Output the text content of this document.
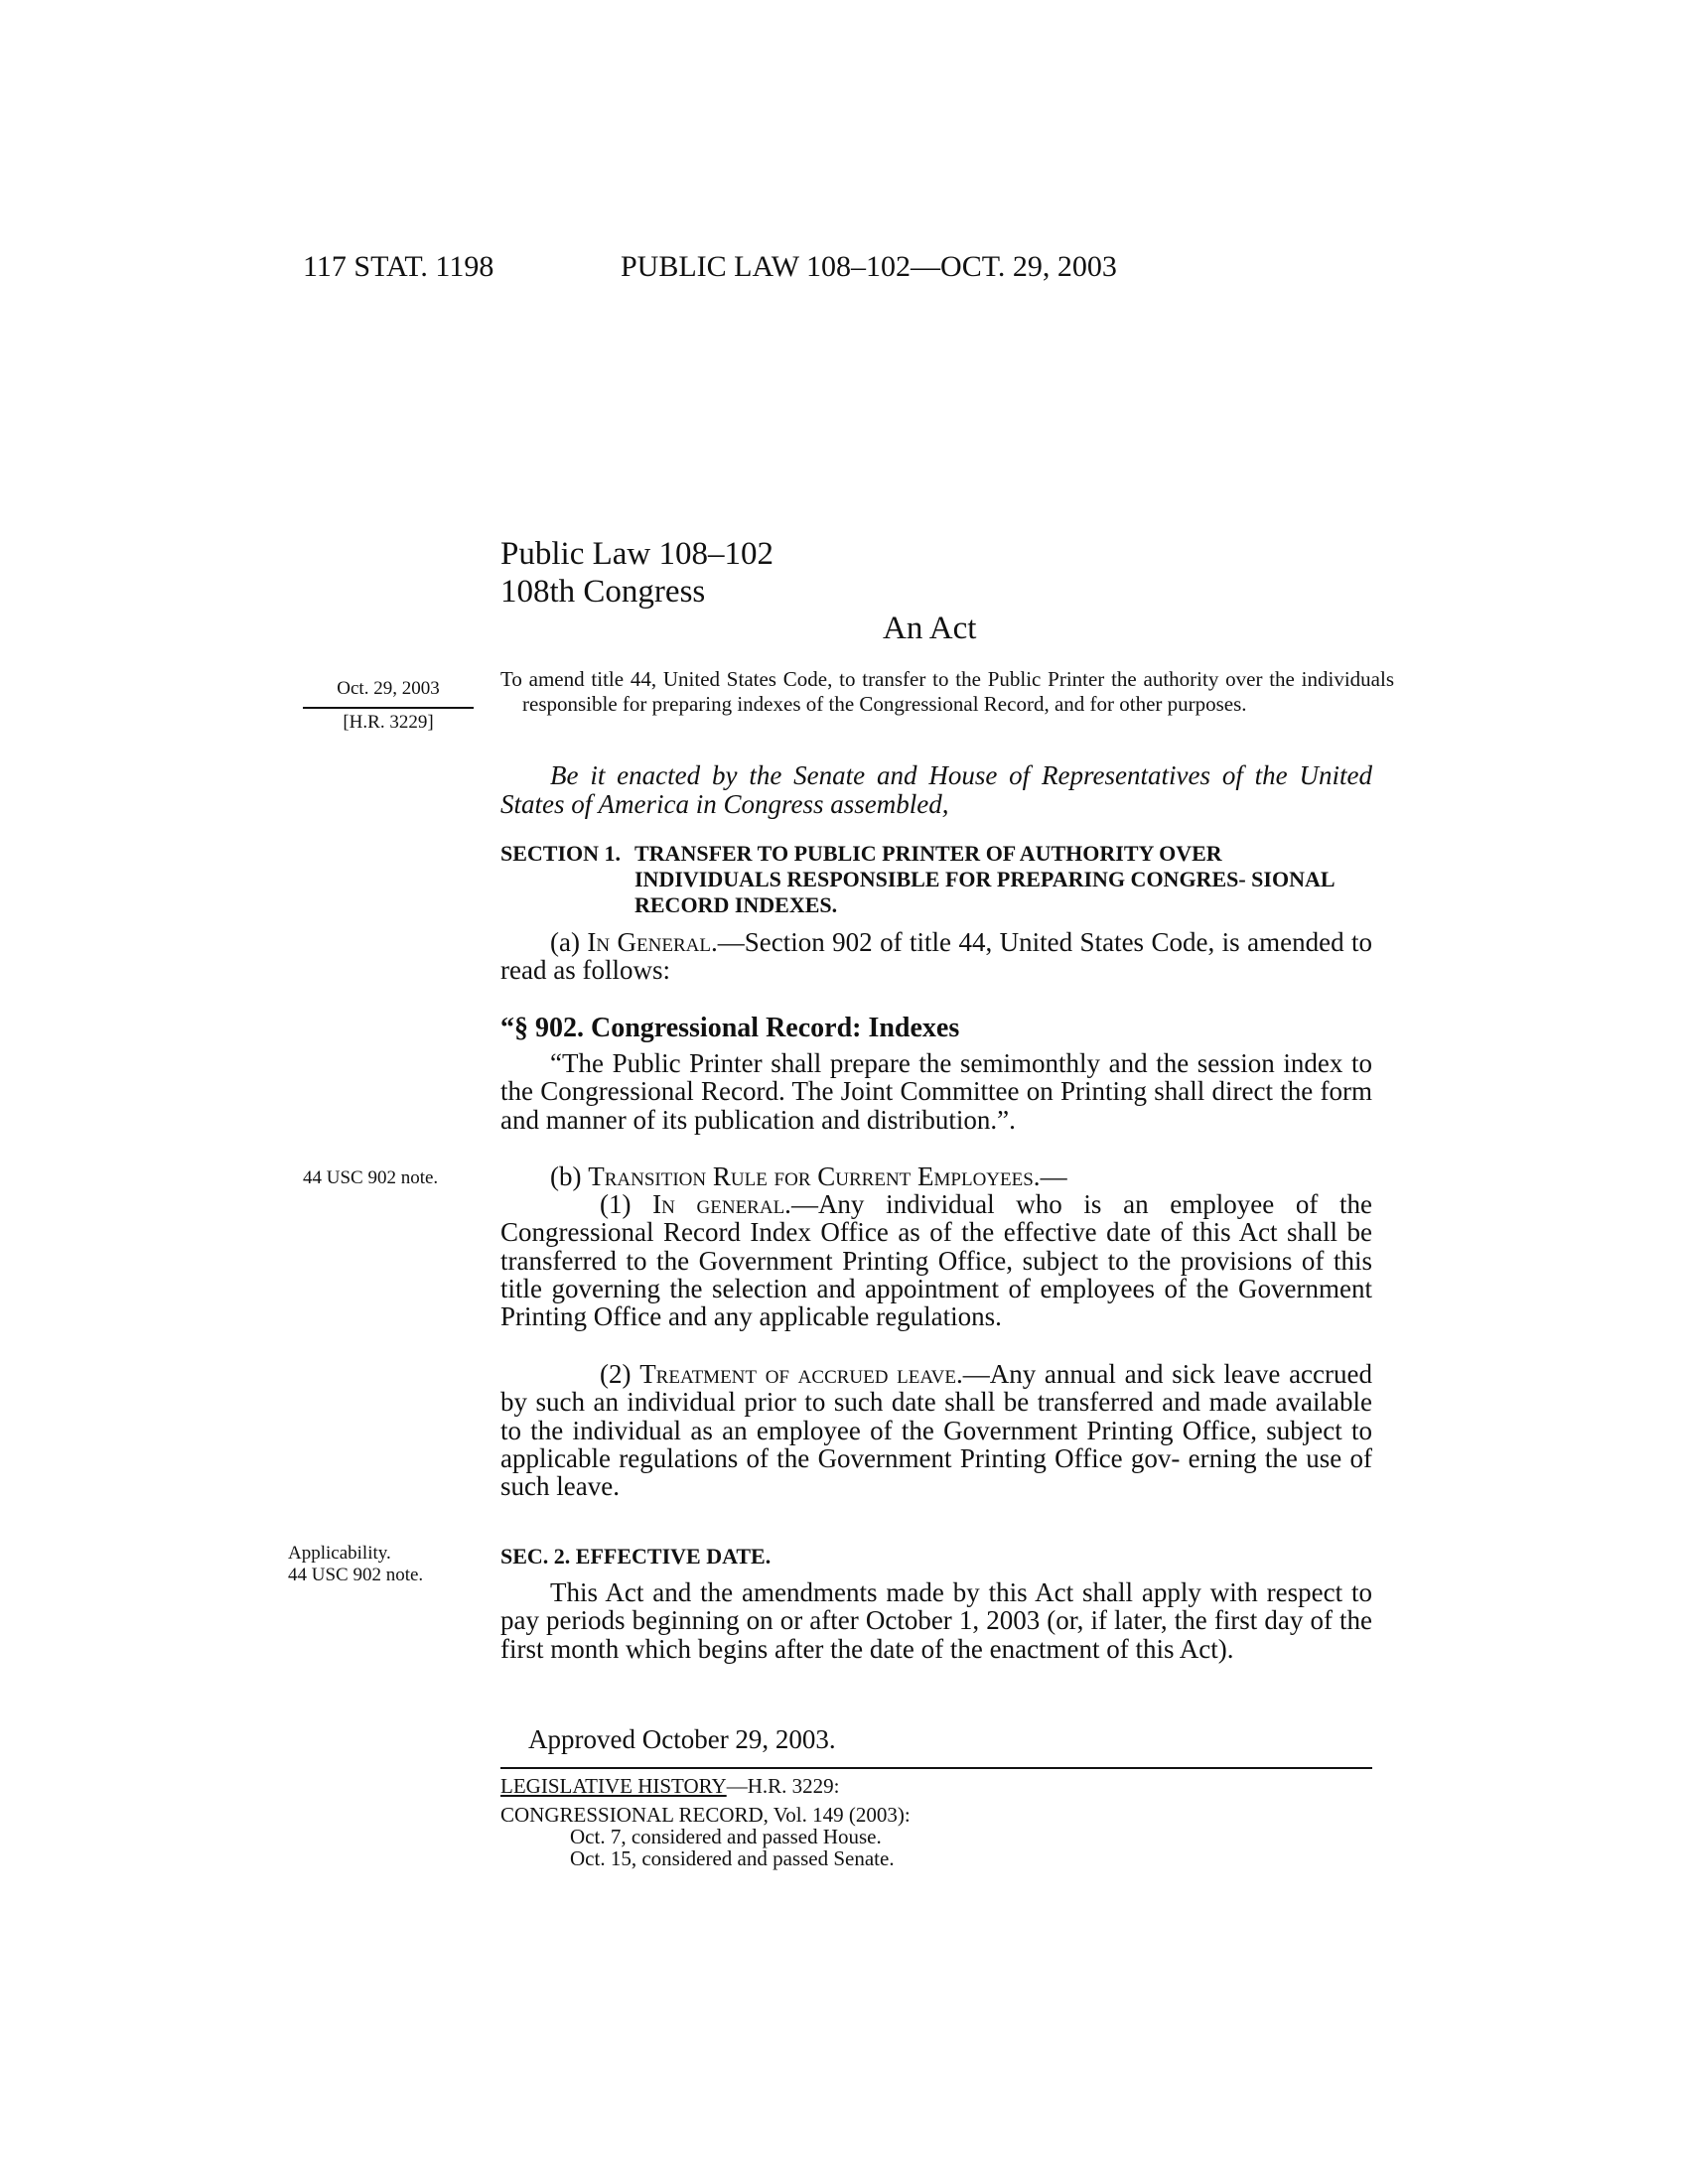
117 STAT. 1198	PUBLIC LAW 108–102—OCT. 29, 2003
Public Law 108–102
108th Congress
An Act
Oct. 29, 2003
[H.R. 3229]
To amend title 44, United States Code, to transfer to the Public Printer the authority over the individuals responsible for preparing indexes of the Congressional Record, and for other purposes.
Be it enacted by the Senate and House of Representatives of the United States of America in Congress assembled,
SECTION 1. TRANSFER TO PUBLIC PRINTER OF AUTHORITY OVER INDIVIDUALS RESPONSIBLE FOR PREPARING CONGRES- SIONAL RECORD INDEXES.
(a) In General.—Section 902 of title 44, United States Code, is amended to read as follows:
“§ 902. Congressional Record: Indexes
“The Public Printer shall prepare the semimonthly and the session index to the Congressional Record. The Joint Committee on Printing shall direct the form and manner of its publication and distribution.”.
44 USC 902 note.	(b) Transition Rule for Current Employees.—
(1) In general.—Any individual who is an employee of the Congressional Record Index Office as of the effective date of this Act shall be transferred to the Government Printing Office, subject to the provisions of this title governing the selection and appointment of employees of the Government Printing Office and any applicable regulations.
(2) Treatment of accrued leave.—Any annual and sick leave accrued by such an individual prior to such date shall be transferred and made available to the individual as an employee of the Government Printing Office, subject to applicable regulations of the Government Printing Office gov- erning the use of such leave.
Applicability.
44 USC 902 note.
SEC. 2. EFFECTIVE DATE.
This Act and the amendments made by this Act shall apply with respect to pay periods beginning on or after October 1, 2003 (or, if later, the first day of the first month which begins after the date of the enactment of this Act).
Approved October 29, 2003.
LEGISLATIVE HISTORY—H.R. 3229:
CONGRESSIONAL RECORD, Vol. 149 (2003):
Oct. 7, considered and passed House.
Oct. 15, considered and passed Senate.
